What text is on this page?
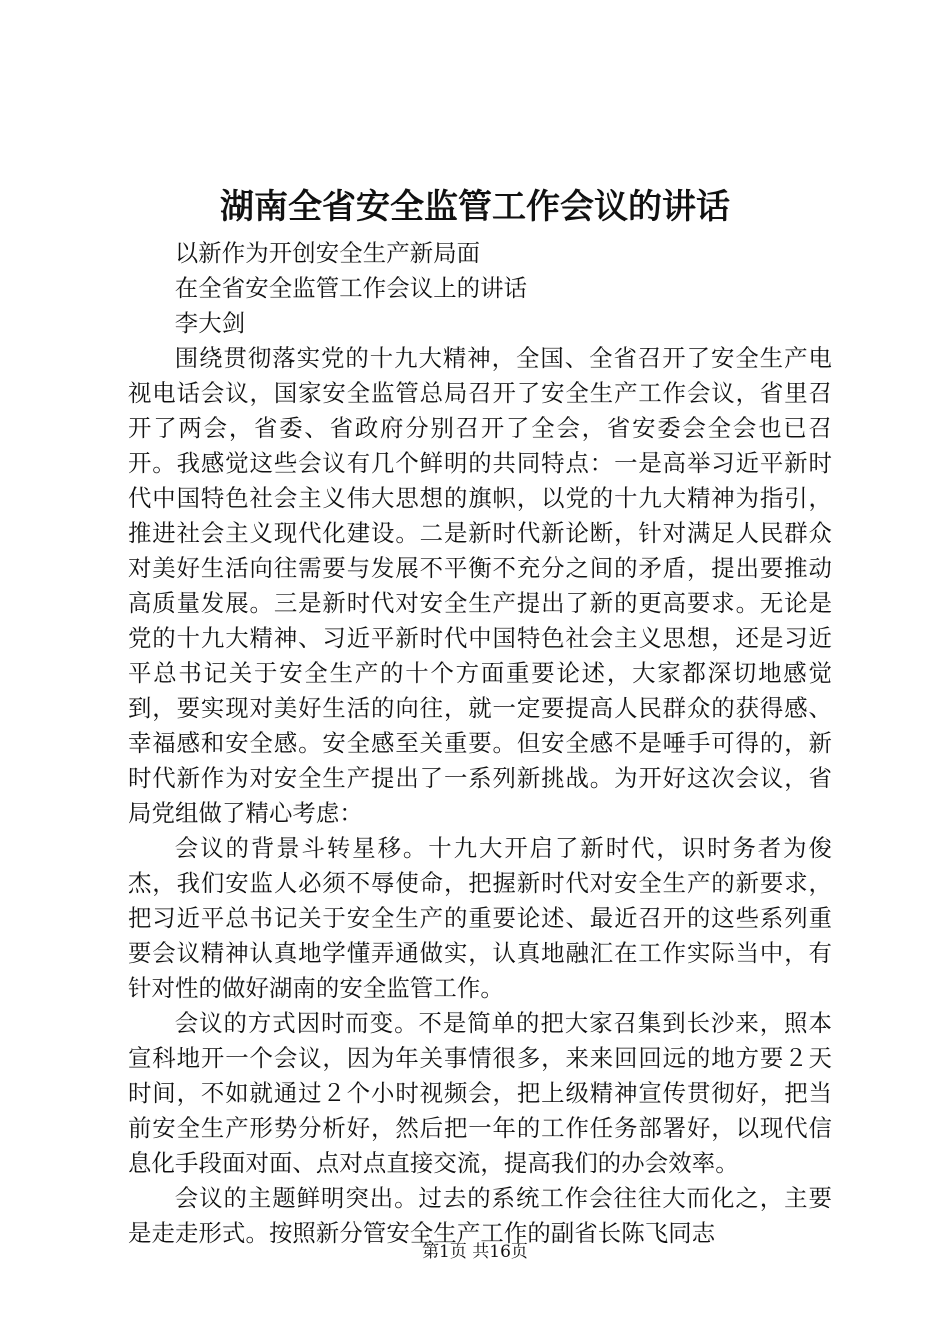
湖南全省安全监管工作会议的讲话

以新作为开创安全生产新局面

在全省安全监管工作会议上的讲话

李大剑

围绕贯彻落实党的十九大精神，全国、全省召开了安全生产电视电话会议，国家安全监管总局召开了安全生产工作会议，省里召开了两会，省委、省政府分别召开了全会，省安委会全会也已召开。我感觉这些会议有几个鲜明的共同特点：一是高举习近平新时代中国特色社会主义伟大思想的旗帜，以党的十九大精神为指引，推进社会主义现代化建设。二是新时代新论断，针对满足人民群众对美好生活向往需要与发展不平衡不充分之间的矛盾，提出要推动高质量发展。三是新时代对安全生产提出了新的更高要求。无论是党的十九大精神、习近平新时代中国特色社会主义思想，还是习近平总书记关于安全生产的十个方面重要论述，大家都深切地感觉到，要实现对美好生活的向往，就一定要提高人民群众的获得感、幸福感和安全感。安全感至关重要。但安全感不是唾手可得的，新时代新作为对安全生产提出了一系列新挑战。为开好这次会议，省局党组做了精心考虑：

会议的背景斗转星移。十九大开启了新时代，识时务者为俊杰，我们安监人必须不辱使命，把握新时代对安全生产的新要求，把习近平总书记关于安全生产的重要论述、最近召开的这些系列重要会议精神认真地学懂弄通做实，认真地融汇在工作实际当中，有针对性的做好湖南的安全监管工作。

会议的方式因时而变。不是简单的把大家召集到长沙来，照本宣科地开一个会议，因为年关事情很多，来来回回远的地方要２天时间，不如就通过２个小时视频会，把上级精神宣传贯彻好，把当前安全生产形势分析好，然后把一年的工作任务部署好，以现代信息化手段面对面、点对点直接交流，提高我们的办会效率。

会议的主题鲜明突出。过去的系统工作会往往大而化之，主要是走走形式。按照新分管安全生产工作的副省长陈飞同志

第1页 共16页
